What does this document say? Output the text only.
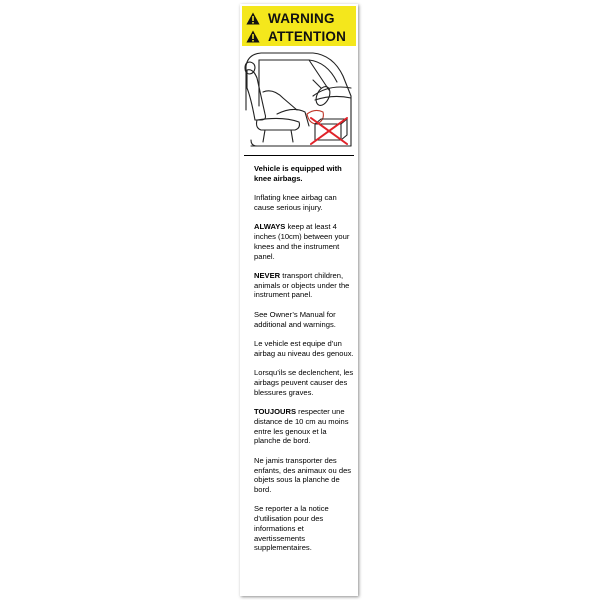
WARNING
ATTENTION

Vehicle is equipped with knee airbags.

Inflating knee airbag can cause serious injury.

ALWAYS keep at least 4 inches (10cm) between your knees and the instrument panel.

NEVER transport children, animals or objects under the instrument panel.

See Owner’s Manual for additional and warnings.

Le vehicle est equipe d’un airbag au niveau des genoux.

Lorsqu’ils se declenchent, les airbags peuvent causer des blessures graves.

TOUJOURS respecter une distance de 10 cm au moins entre les genoux et la planche de bord.

Ne jamis transporter des enfants, des animaux ou des objets sous la planche de bord.

Se reporter a la notice d’utilisation pour des informations et avertissements supplementaires.
